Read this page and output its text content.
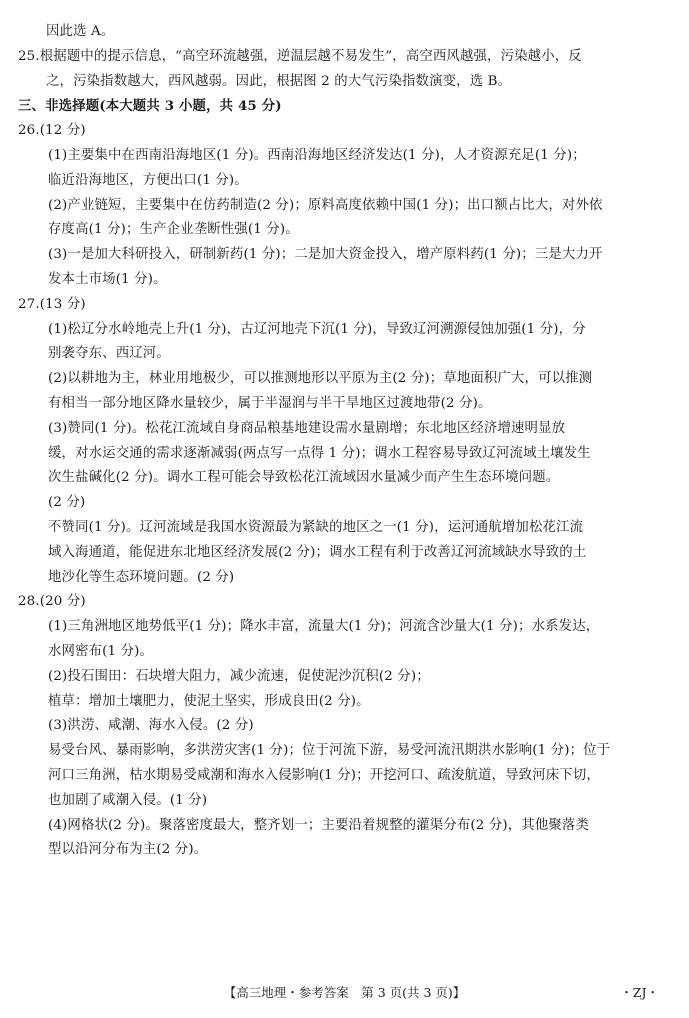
因此选 A。
25.根据题中的提示信息，“高空环流越强，逆温层越不易发生”，高空西风越强，污染越小，反
之，污染指数越大，西风越弱。因此，根据图 2 的大气污染指数演变，选 B。
三、非选择题(本大题共 3 小题，共 45 分)
26.(12 分)
(1)主要集中在西南沿海地区(1 分)。西南沿海地区经济发达(1 分)，人才资源充足(1 分)；
临近沿海地区，方便出口(1 分)。
(2)产业链短，主要集中在仿药制造(2 分)；原料高度依赖中国(1 分)；出口额占比大，对外依
存度高(1 分)；生产企业垄断性强(1 分)。
(3)一是加大科研投入，研制新药(1 分)；二是加大资金投入，增产原料药(1 分)；三是大力开
发本土市场(1 分)。
27.(13 分)
(1)松辽分水岭地壳上升(1 分)，古辽河地壳下沉(1 分)，导致辽河溯源侵蚀加强(1 分)，分
别袭夺东、西辽河。
(2)以耕地为主，林业用地极少，可以推测地形以平原为主(2 分)；草地面积广大，可以推测
有相当一部分地区降水量较少，属于半湿润与半干旱地区过渡地带(2 分)。
(3)赞同(1 分)。松花江流域自身商品粮基地建设需水量剧增；东北地区经济增速明显放
缓，对水运交通的需求逐渐减弱(两点写一点得 1 分)；调水工程容易导致辽河流域土壤发生
次生盐碱化(2 分)。调水工程可能会导致松花江流域因水量减少而产生生态环境问题。
(2 分)
不赞同(1 分)。辽河流域是我国水资源最为紧缺的地区之一(1 分)，运河通航增加松花江流
域入海通道，能促进东北地区经济发展(2 分)；调水工程有利于改善辽河流域缺水导致的土
地沙化等生态环境问题。(2 分)
28.(20 分)
(1)三角洲地区地势低平(1 分)；降水丰富，流量大(1 分)；河流含沙量大(1 分)；水系发达，
水网密布(1 分)。
(2)投石围田：石块增大阻力，减少流速，促使泥沙沉积(2 分)；
植草：增加土壤肥力，使泥土坚实，形成良田(2 分)。
(3)洪涝、咸潮、海水入侵。(2 分)
易受台风、暴雨影响，多洪涝灾害(1 分)；位于河流下游，易受河流汛期洪水影响(1 分)；位于
河口三角洲，枯水期易受咸潮和海水入侵影响(1 分)；开挖河口、疏浚航道，导致河床下切，
也加剧了咸潮入侵。(1 分)
(4)网格状(2 分)。聚落密度最大，整齐划一；主要沿着规整的灌渠分布(2 分)，其他聚落类
型以沿河分布为主(2 分)。
【高三地理・参考答案　第 3 页(共 3 页)】	・ZJ・
